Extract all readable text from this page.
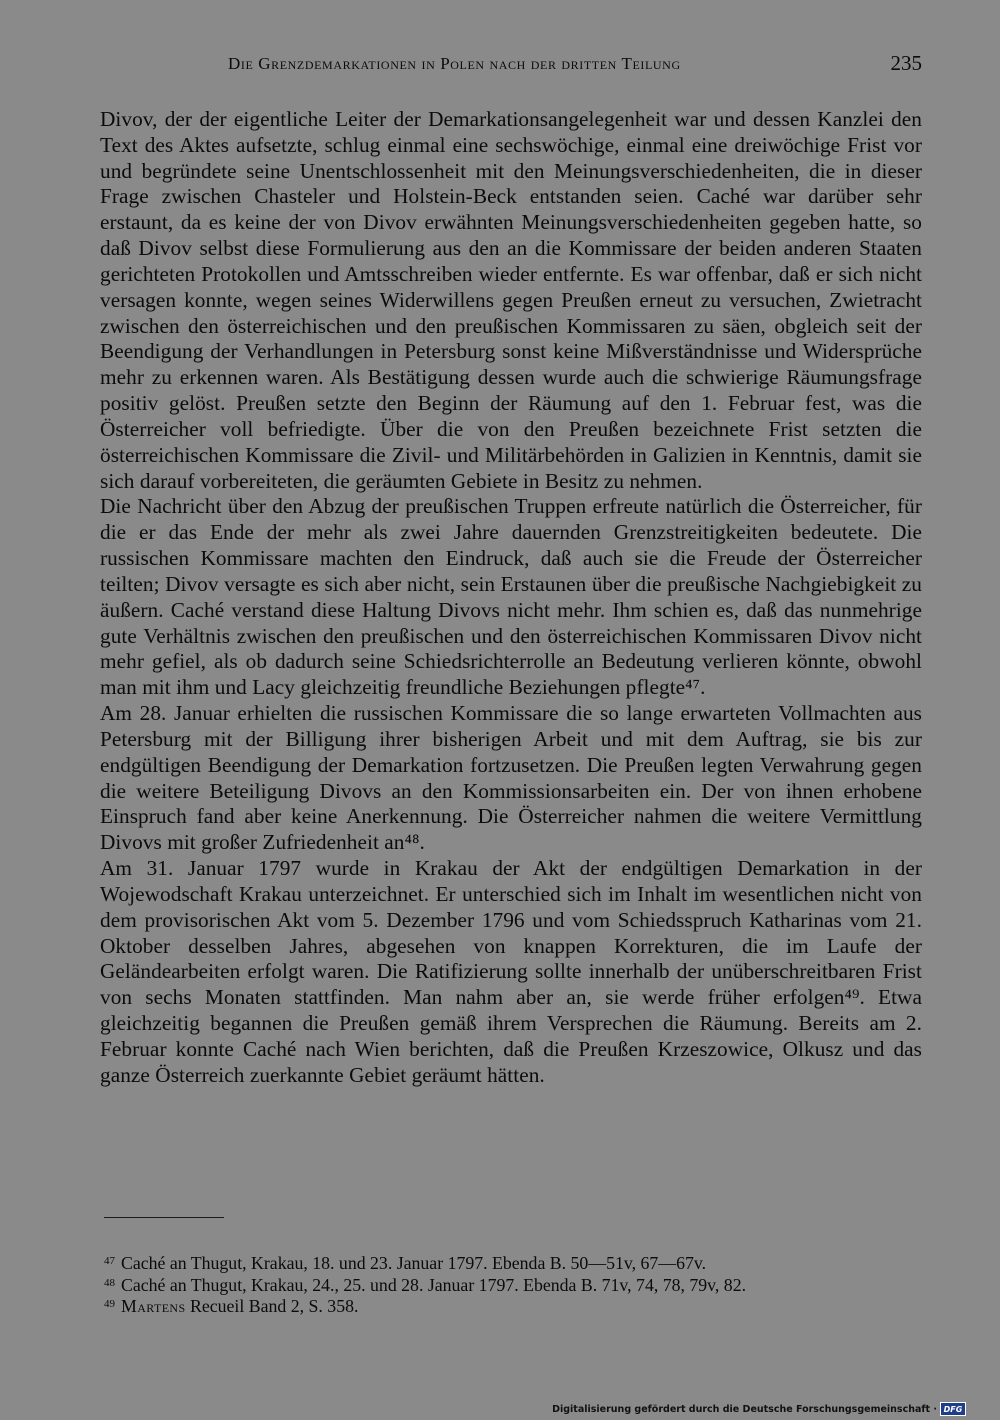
Die Grenzdemarkationen in Polen nach der dritten Teilung	235

Divov, der der eigentliche Leiter der Demarkationsangelegenheit war und dessen Kanzlei den Text des Aktes aufsetzte, schlug einmal eine sechswöchige, einmal eine dreiwöchige Frist vor und begründete seine Unentschlossenheit mit den Meinungsverschiedenheiten, die in dieser Frage zwischen Chasteler und Holstein-Beck entstanden seien. Caché war darüber sehr erstaunt, da es keine der von Divov erwähnten Meinungsverschiedenheiten gegeben hatte, so daß Divov selbst diese Formulierung aus den an die Kommissare der beiden anderen Staaten gerichteten Protokollen und Amtsschreiben wieder entfernte. Es war offenbar, daß er sich nicht versagen konnte, wegen seines Widerwillens gegen Preußen erneut zu versuchen, Zwietracht zwischen den österreichischen und den preußischen Kommissaren zu säen, obgleich seit der Beendigung der Verhandlungen in Petersburg sonst keine Mißverständnisse und Widersprüche mehr zu erkennen waren. Als Bestätigung dessen wurde auch die schwierige Räumungsfrage positiv gelöst. Preußen setzte den Beginn der Räumung auf den 1. Februar fest, was die Österreicher voll befriedigte. Über die von den Preußen bezeichnete Frist setzten die österreichischen Kommissare die Zivil- und Militärbehörden in Galizien in Kenntnis, damit sie sich darauf vorbereiteten, die geräumten Gebiete in Besitz zu nehmen.

Die Nachricht über den Abzug der preußischen Truppen erfreute natürlich die Österreicher, für die er das Ende der mehr als zwei Jahre dauernden Grenzstreitigkeiten bedeutete. Die russischen Kommissare machten den Eindruck, daß auch sie die Freude der Österreicher teilten; Divov versagte es sich aber nicht, sein Erstaunen über die preußische Nachgiebigkeit zu äußern. Caché verstand diese Haltung Divovs nicht mehr. Ihm schien es, daß das nunmehrige gute Verhältnis zwischen den preußischen und den österreichischen Kommissaren Divov nicht mehr gefiel, als ob dadurch seine Schiedsrichterrolle an Bedeutung verlieren könnte, obwohl man mit ihm und Lacy gleichzeitig freundliche Beziehungen pflegte⁴⁷.

Am 28. Januar erhielten die russischen Kommissare die so lange erwarteten Vollmachten aus Petersburg mit der Billigung ihrer bisherigen Arbeit und mit dem Auftrag, sie bis zur endgültigen Beendigung der Demarkation fortzusetzen. Die Preußen legten Verwahrung gegen die weitere Beteiligung Divovs an den Kommissionsarbeiten ein. Der von ihnen erhobene Einspruch fand aber keine Anerkennung. Die Österreicher nahmen die weitere Vermittlung Divovs mit großer Zufriedenheit an⁴⁸.

Am 31. Januar 1797 wurde in Krakau der Akt der endgültigen Demarkation in der Wojewodschaft Krakau unterzeichnet. Er unterschied sich im Inhalt im wesentlichen nicht von dem provisorischen Akt vom 5. Dezember 1796 und vom Schiedsspruch Katharinas vom 21. Oktober desselben Jahres, abgesehen von knappen Korrekturen, die im Laufe der Geländearbeiten erfolgt waren. Die Ratifizierung sollte innerhalb der unüberschreitbaren Frist von sechs Monaten stattfinden. Man nahm aber an, sie werde früher erfolgen⁴⁹. Etwa gleichzeitig begannen die Preußen gemäß ihrem Versprechen die Räumung. Bereits am 2. Februar konnte Caché nach Wien berichten, daß die Preußen Krzeszowice, Olkusz und das ganze Österreich zuerkannte Gebiet geräumt hätten.

$^{47}$ Caché an Thugut, Krakau, 18. und 23. Januar 1797. Ebenda B. 50—51v, 67—67v.

$^{48}$ Caché an Thugut, Krakau, 24., 25. und 28. Januar 1797. Ebenda B. 71v, 74, 78, 79v, 82.

$^{49}$ Martens Recueil Band 2, S. 358.

Digitalisierung gefördert durch die Deutsche Forschungsgemeinschaft · DFG
